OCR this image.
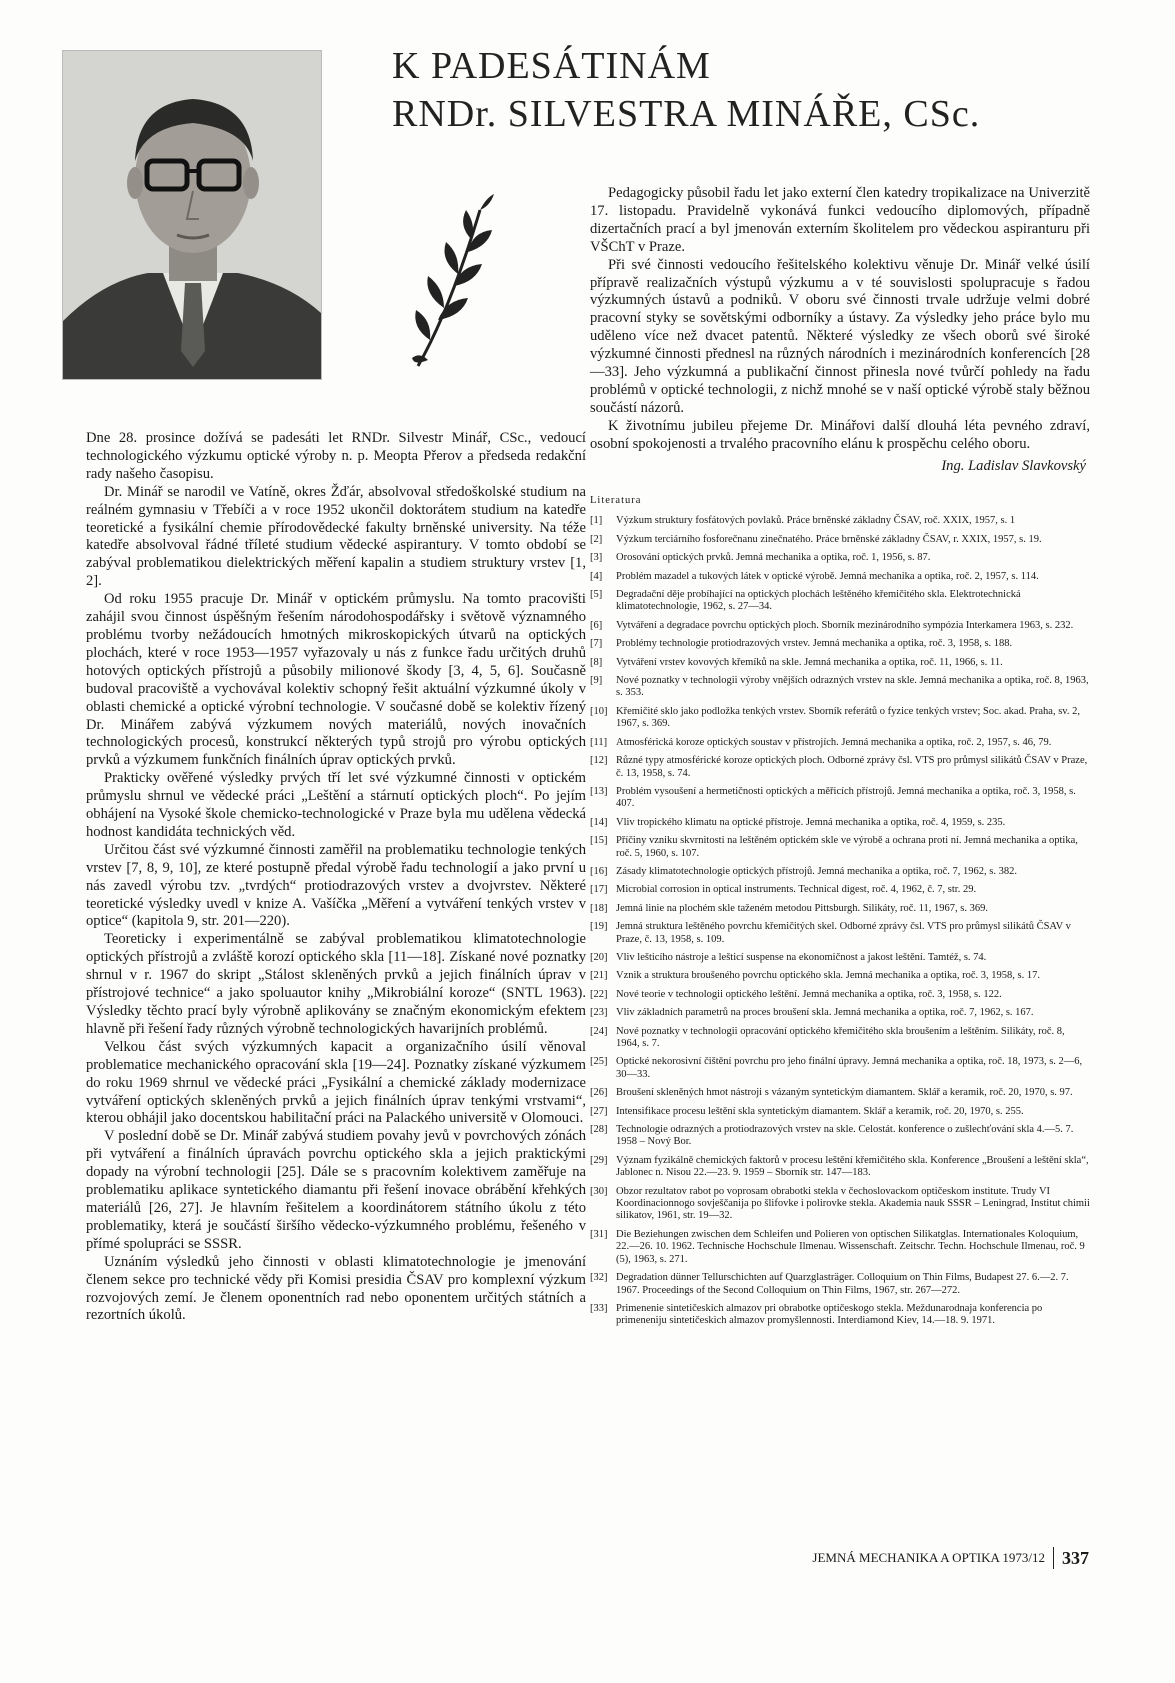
K PADESÁTINÁM
RNDr. SILVESTRA MINÁŘE, CSc.

Dne 28. prosince dožívá se padesáti let RNDr. Silvestr Minář, CSc., vedoucí technologického výzkumu optické výroby n. p. Meopta Přerov a předseda redakční rady našeho časopisu.

Dr. Minář se narodil ve Vatíně, okres Žďár, absolvoval středoškolské studium na reálném gymnasiu v Třebíči a v roce 1952 ukončil doktorátem studium na katedře teoretické a fysikální chemie přírodovědecké fakulty brněnské university. Na téže katedře absolvoval řádné tříleté studium vědecké aspirantury. V tomto období se zabýval problematikou dielektrických měření kapalin a studiem struktury vrstev [1, 2].

Od roku 1955 pracuje Dr. Minář v optickém průmyslu. Na tomto pracovišti zahájil svou činnost úspěšným řešením národohospodářsky i světově významného problému tvorby nežádoucích hmotných mikroskopických útvarů na optických plochách, které v roce 1953—1957 vyřazovaly u nás z funkce řadu určitých druhů hotových optických přístrojů a působily milionové škody [3, 4, 5, 6]. Současně budoval pracoviště a vychovával kolektiv schopný řešit aktuální výzkumné úkoly v oblasti chemické a optické výrobní technologie. V současné době se kolektiv řízený Dr. Minářem zabývá výzkumem nových materiálů, nových inovačních technologických procesů, konstrukcí některých typů strojů pro výrobu optických prvků a výzkumem funkčních finálních úprav optických prvků.

Prakticky ověřené výsledky prvých tří let své výzkumné činnosti v optickém průmyslu shrnul ve vědecké práci „Leštění a stárnutí optických ploch“. Po jejím obhájení na Vysoké škole chemicko-technologické v Praze byla mu udělena vědecká hodnost kandidáta technických věd.

Určitou část své výzkumné činnosti zaměřil na problematiku technologie tenkých vrstev [7, 8, 9, 10], ze které postupně předal výrobě řadu technologií a jako první u nás zavedl výrobu tzv. „tvrdých“ protiodrazových vrstev a dvojvrstev. Některé teoretické výsledky uvedl v knize A. Vašíčka „Měření a vytváření tenkých vrstev v optice“ (kapitola 9, str. 201—220).

Teoreticky i experimentálně se zabýval problematikou klimatotechnologie optických přístrojů a zvláště korozí optického skla [11—18]. Získané nové poznatky shrnul v r. 1967 do skript „Stálost skleněných prvků a jejich finálních úprav v přístrojové technice“ a jako spoluautor knihy „Mikrobiální koroze“ (SNTL 1963). Výsledky těchto prací byly výrobně aplikovány se značným ekonomickým efektem hlavně při řešení řady různých výrobně technologických havarijních problémů.

Velkou část svých výzkumných kapacit a organizačního úsilí věnoval problematice mechanického opracování skla [19—24]. Poznatky získané výzkumem do roku 1969 shrnul ve vědecké práci „Fysikální a chemické základy modernizace vytváření optických skleněných prvků a jejich finálních úprav tenkými vrstvami“, kterou obhájil jako docentskou habilitační práci na Palackého universitě v Olomouci.

V poslední době se Dr. Minář zabývá studiem povahy jevů v povrchových zónách při vytváření a finálních úpravách povrchu optického skla a jejich praktickými dopady na výrobní technologii [25]. Dále se s pracovním kolektivem zaměřuje na problematiku aplikace syntetického diamantu při řešení inovace obrábění křehkých materiálů [26, 27]. Je hlavním řešitelem a koordinátorem státního úkolu z této problematiky, která je součástí širšího vědecko-výzkumného problému, řešeného v přímé spolupráci se SSSR.

Uznáním výsledků jeho činnosti v oblasti klimatotechnologie je jmenování členem sekce pro technické vědy při Komisi presidia ČSAV pro komplexní výzkum rozvojových zemí. Je členem oponentních rad nebo oponentem určitých státních a rezortních úkolů.

Pedagogicky působil řadu let jako externí člen katedry tropikalizace na Univerzitě 17. listopadu. Pravidelně vykonává funkci vedoucího diplomových, případně dizertačních prací a byl jmenován externím školitelem pro vědeckou aspiranturu při VŠChT v Praze.

Při své činnosti vedoucího řešitelského kolektivu věnuje Dr. Minář velké úsilí přípravě realizačních výstupů výzkumu a v té souvislosti spolupracuje s řadou výzkumných ústavů a podniků. V oboru své činnosti trvale udržuje velmi dobré pracovní styky se sovětskými odborníky a ústavy. Za výsledky jeho práce bylo mu uděleno více než dvacet patentů. Některé výsledky ze všech oborů své široké výzkumné činnosti přednesl na různých národních i mezinárodních konferencích [28—33]. Jeho výzkumná a publikační činnost přinesla nové tvůrčí pohledy na řadu problémů v optické technologii, z nichž mnohé se v naší optické výrobě staly běžnou součástí názorů.

K životnímu jubileu přejeme Dr. Minářovi další dlouhá léta pevného zdraví, osobní spokojenosti a trvalého pracovního elánu k prospěchu celého oboru.

Ing. Ladislav Slavkovský
Literatura
[1]	Výzkum struktury fosfátových povlaků. Práce brněnské základny ČSAV, roč. XXIX, 1957, s. 1
[2]	Výzkum terciárního fosforečnanu zinečnatého. Práce brněnské základny ČSAV, r. XXIX, 1957, s. 19.
[3]	Orosování optických prvků. Jemná mechanika a optika, roč. 1, 1956, s. 87.
[4]	Problém mazadel a tukových látek v optické výrobě. Jemná mechanika a optika, roč. 2, 1957, s. 114.
[5]	Degradační děje probíhající na optických plochách leštěného křemičitého skla. Elektrotechnická klimatotechnologie, 1962, s. 27—34.
[6]	Vytváření a degradace povrchu optických ploch. Sborník mezinárodního sympózia Interkamera 1963, s. 232.
[7]	Problémy technologie protiodrazových vrstev. Jemná mechanika a optika, roč. 3, 1958, s. 188.
[8]	Vytváření vrstev kovových křemíků na skle. Jemná mechanika a optika, roč. 11, 1966, s. 11.
[9]	Nové poznatky v technologii výroby vnějších odrazných vrstev na skle. Jemná mechanika a optika, roč. 8, 1963, s. 353.
[10] Křemičité sklo jako podložka tenkých vrstev. Sborník referátů o fyzice tenkých vrstev; Soc. akad. Praha, sv. 2, 1967, s. 369.
[11] Atmosférická koroze optických soustav v přístrojích. Jemná mechanika a optika, roč. 2, 1957, s. 46, 79.
[12] Různé typy atmosférické koroze optických ploch. Odborné zprávy čsl. VTS pro průmysl silikátů ČSAV v Praze, č. 13, 1958, s. 74.
[13] Problém vysoušení a hermetičnosti optických a měřicích přístrojů. Jemná mechanika a optika, roč. 3, 1958, s. 407.
[14] Vliv tropického klimatu na optické přístroje. Jemná mechanika a optika, roč. 4, 1959, s. 235.
[15] Příčiny vzniku skvrnitosti na leštěném optickém skle ve výrobě a ochrana proti ní. Jemná mechanika a optika, roč. 5, 1960, s. 107.
[16] Zásady klimatotechnologie optických přístrojů. Jemná mechanika a optika, roč. 7, 1962, s. 382.
[17] Microbial corrosion in optical instruments. Technical digest, roč. 4, 1962, č. 7, str. 29.
[18] Jemná linie na plochém skle taženém metodou Pittsburgh. Silikáty, roč. 11, 1967, s. 369.
[19] Jemná struktura leštěného povrchu křemičitých skel. Odborné zprávy čsl. VTS pro průmysl silikátů ČSAV v Praze, č. 13, 1958, s. 109.
[20] Vliv lešticího nástroje a lešticí suspense na ekonomičnost a jakost leštění. Tamtéž, s. 74.
[21] Vznik a struktura broušeného povrchu optického skla. Jemná mechanika a optika, roč. 3, 1958, s. 17.
[22] Nové teorie v technologii optického leštění. Jemná mechanika a optika, roč. 3, 1958, s. 122.
[23] Vliv základních parametrů na proces broušení skla. Jemná mechanika a optika, roč. 7, 1962, s. 167.
[24] Nové poznatky v technologii opracování optického křemičitého skla broušením a leštěním. Silikáty, roč. 8, 1964, s. 7.
[25] Optické nekorosivní čištění povrchu pro jeho finální úpravy. Jemná mechanika a optika, roč. 18, 1973, s. 2—6, 30—33.
[26] Broušení skleněných hmot nástroji s vázaným syntetickým diamantem. Sklář a keramik, roč. 20, 1970, s. 97.
[27] Intensifikace procesu leštění skla syntetickým diamantem. Sklář a keramik, roč. 20, 1970, s. 255.
[28] Technologie odrazných a protiodrazových vrstev na skle. Celostát. konference o zušlechťování skla 4.—5. 7. 1958 – Nový Bor.
[29] Význam fyzikálně chemických faktorů v procesu leštění křemičitého skla. Konference „Broušení a leštění skla“, Jablonec n. Nisou 22.—23. 9. 1959 – Sborník str. 147—183.
[30] Obzor rezultatov rabot po voprosam obrabotki stekla v čechoslovackom optičeskom institute. Trudy VI Koordinacionnogo sovješčanija po šlifovke i polirovke stekla. Akademia nauk SSSR – Leningrad, Institut chimii silikatov, 1961, str. 19—32.
[31] Die Beziehungen zwischen dem Schleifen und Polieren von optischen Silikatglas. Internationales Koloquium, 22.—26. 10. 1962. Technische Hochschule Ilmenau. Wissenschaft. Zeitschr. Techn. Hochschule Ilmenau, roč. 9 (5), 1963, s. 271.
[32] Degradation dünner Tellurschichten auf Quarzglasträger. Colloquium on Thin Films, Budapest 27. 6.—2. 7. 1967. Proceedings of the Second Colloquium on Thin Films, 1967, str. 267—272.
[33] Primenenie sintetičeskich almazov pri obrabotke optičeskogo stekla. Meždunarodnaja konferencia po primeneniju sintetičeskich almazov promyšlennosti. Interdiamond Kiev, 14.—18. 9. 1971.
JEMNÁ MECHANIKA A OPTIKA 1973/12 337
